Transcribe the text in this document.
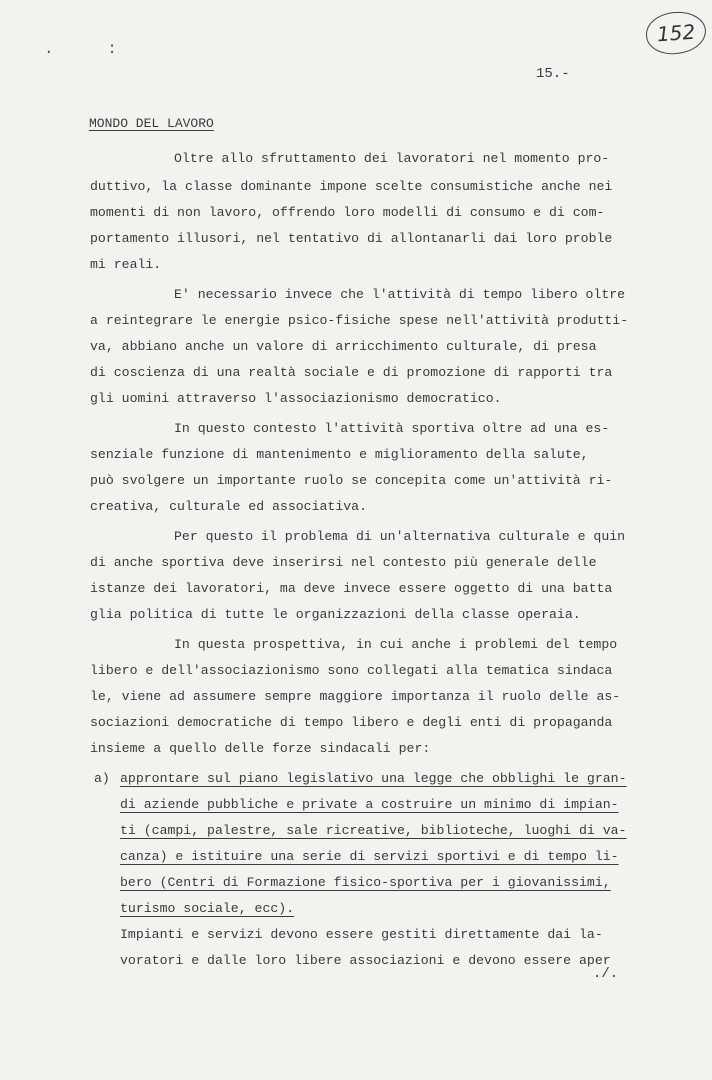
152
. :
15.-
MONDO DEL LAVORO
Oltre allo sfruttamento dei lavoratori nel momento pro-
duttivo, la classe dominante impone scelte consumistiche anche nei
momenti di non lavoro, offrendo loro modelli di consumo e di com-
portamento illusori, nel tentativo di allontanarli dai loro proble
mi reali.
E' necessario invece che l'attività di tempo libero oltre
a reintegrare le energie psico-fisiche spese nell'attività produtti-
va, abbiano anche un valore di arricchimento culturale, di presa
di coscienza di una realtà sociale e di promozione di rapporti tra
gli uomini attraverso l'associazionismo democratico.
In questo contesto l'attività sportiva oltre ad una es-
senziale funzione di mantenimento e miglioramento della salute,
può svolgere un importante ruolo se concepita come un'attività ri-
creativa, culturale ed associativa.
Per questo il problema di un'alternativa culturale e quin
di anche sportiva deve inserirsi nel contesto più generale delle
istanze dei lavoratori, ma deve invece essere oggetto di una batta
glia politica di tutte le organizzazioni della classe operaia.
In questa prospettiva, in cui anche i problemi del tempo
libero e dell'associazionismo sono collegati alla tematica sindaca
le, viene ad assumere sempre maggiore importanza il ruolo delle as-
sociazioni democratiche di tempo libero e degli enti di propaganda
insieme a quello delle forze sindacali per:
a) approntare sul piano legislativo una legge che obblighi le gran-
di aziende pubbliche e private a costruire un minimo di impian-
ti (campi, palestre, sale ricreative, biblioteche, luoghi di va-
canza) e istituire una serie di servizi sportivi e di tempo li-
bero (Centri di Formazione fisico-sportiva per i giovanissimi,
turismo sociale, ecc).
Impianti e servizi devono essere gestiti direttamente dai la-
voratori e dalle loro libere associazioni e devono essere aper
./.
